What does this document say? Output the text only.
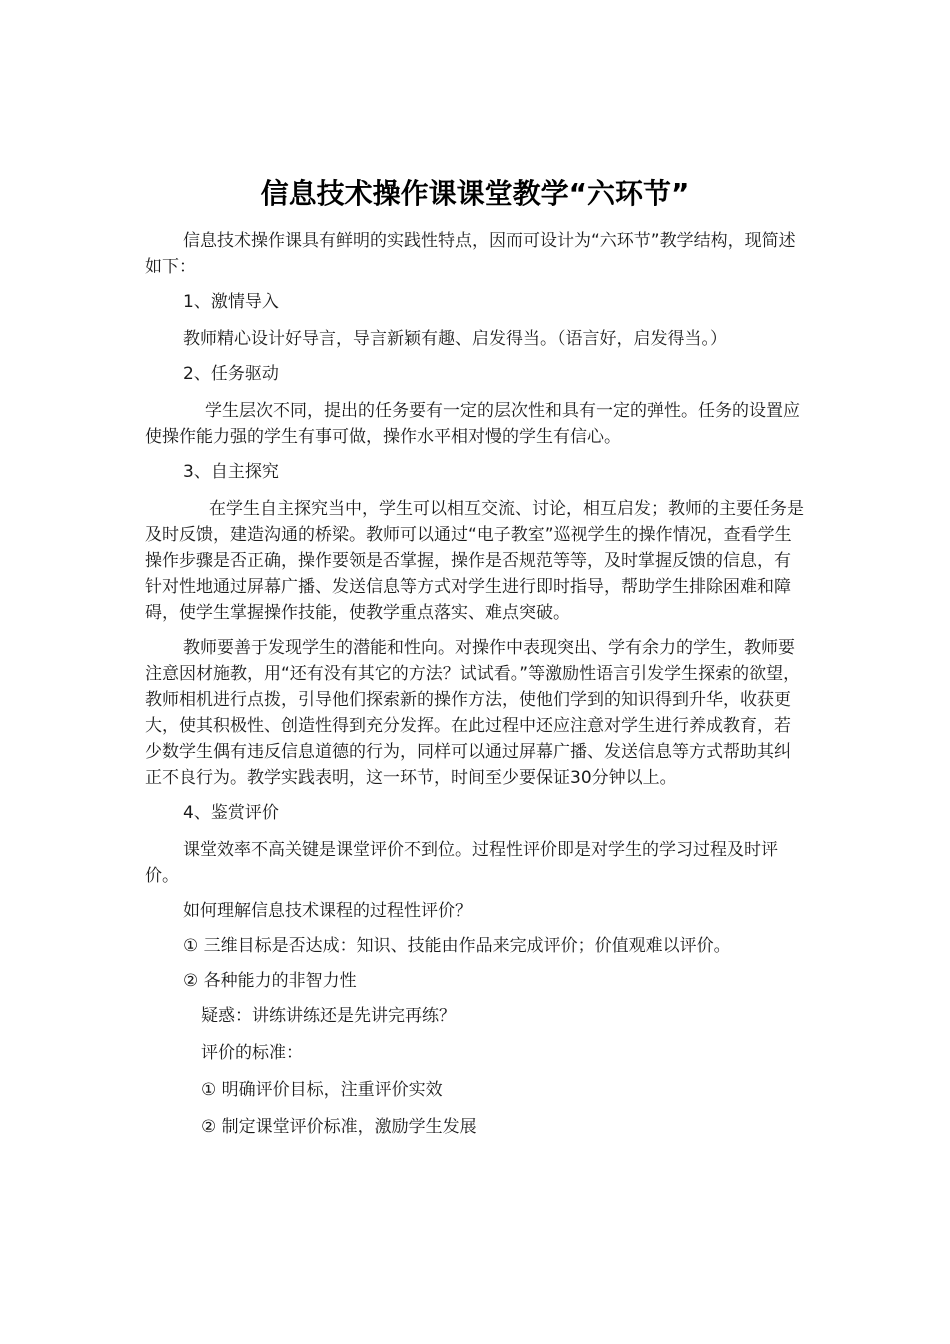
信息技术操作课课堂教学“六环节”

信息技术操作课具有鲜明的实践性特点，因而可设计为“六环节”教学结构，现简述如下：

1、激情导入

教师精心设计好导言，导言新颖有趣、启发得当。（语言好，启发得当。）

2、任务驱动

学生层次不同，提出的任务要有一定的层次性和具有一定的弹性。任务的设置应使操作能力强的学生有事可做，操作水平相对慢的学生有信心。

3、自主探究

在学生自主探究当中，学生可以相互交流、讨论，相互启发；教师的主要任务是及时反馈，建造沟通的桥梁。教师可以通过“电子教室”巡视学生的操作情况，查看学生操作步骤是否正确，操作要领是否掌握，操作是否规范等等，及时掌握反馈的信息，有针对性地通过屏幕广播、发送信息等方式对学生进行即时指导，帮助学生排除困难和障碍，使学生掌握操作技能，使教学重点落实、难点突破。

教师要善于发现学生的潜能和性向。对操作中表现突出、学有余力的学生，教师要注意因材施教，用“还有没有其它的方法？试试看。”等激励性语言引发学生探索的欲望，教师相机进行点拨，引导他们探索新的操作方法，使他们学到的知识得到升华，收获更大，使其积极性、创造性得到充分发挥。在此过程中还应注意对学生进行养成教育，若少数学生偶有违反信息道德的行为，同样可以通过屏幕广播、发送信息等方式帮助其纠正不良行为。教学实践表明，这一环节，时间至少要保证30分钟以上。

4、鉴赏评价

课堂效率不高关键是课堂评价不到位。过程性评价即是对学生的学习过程及时评价。

如何理解信息技术课程的过程性评价？

① 三维目标是否达成：知识、技能由作品来完成评价；价值观难以评价。

② 各种能力的非智力性

疑惑：讲练讲练还是先讲完再练？

评价的标准：

① 明确评价目标，注重评价实效

② 制定课堂评价标准，激励学生发展
